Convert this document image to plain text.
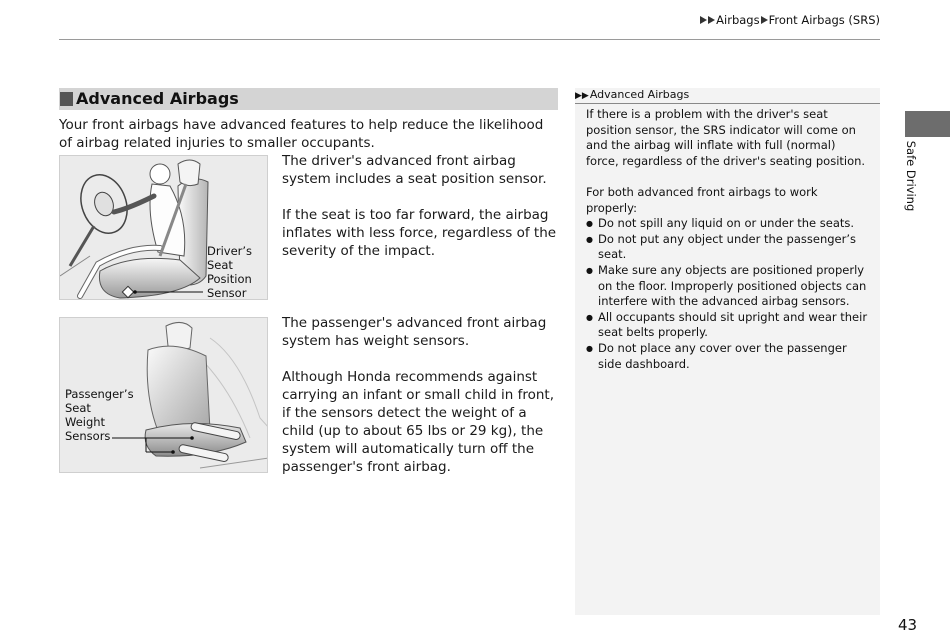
Airbags Front Airbags (SRS)
Advanced Airbags
Your front airbags have advanced features to help reduce the likelihood of airbag related injuries to smaller occupants.
Driver’s
Seat
Position
Sensor
Passenger’s
Seat
Weight
Sensors
The driver's advanced front airbag system includes a seat position sensor.
If the seat is too far forward, the airbag inflates with less force, regardless of the severity of the impact.
The passenger's advanced front airbag system has weight sensors.
Although Honda recommends against carrying an infant or small child in front, if the sensors detect the weight of a child (up to about 65 lbs or 29 kg), the system will automatically turn off the passenger's front airbag.
▶▶Advanced Airbags

If there is a problem with the driver's seat position sensor, the SRS indicator will come on and the airbag will inflate with full (normal) force, regardless of the driver's seating position.

For both advanced front airbags to work properly:
● Do not spill any liquid on or under the seats.
● Do not put any object under the passenger’s seat.
● Make sure any objects are positioned properly on the floor. Improperly positioned objects can interfere with the advanced airbag sensors.
● All occupants should sit upright and wear their seat belts properly.
● Do not place any cover over the passenger side dashboard.
Safe Driving
43
